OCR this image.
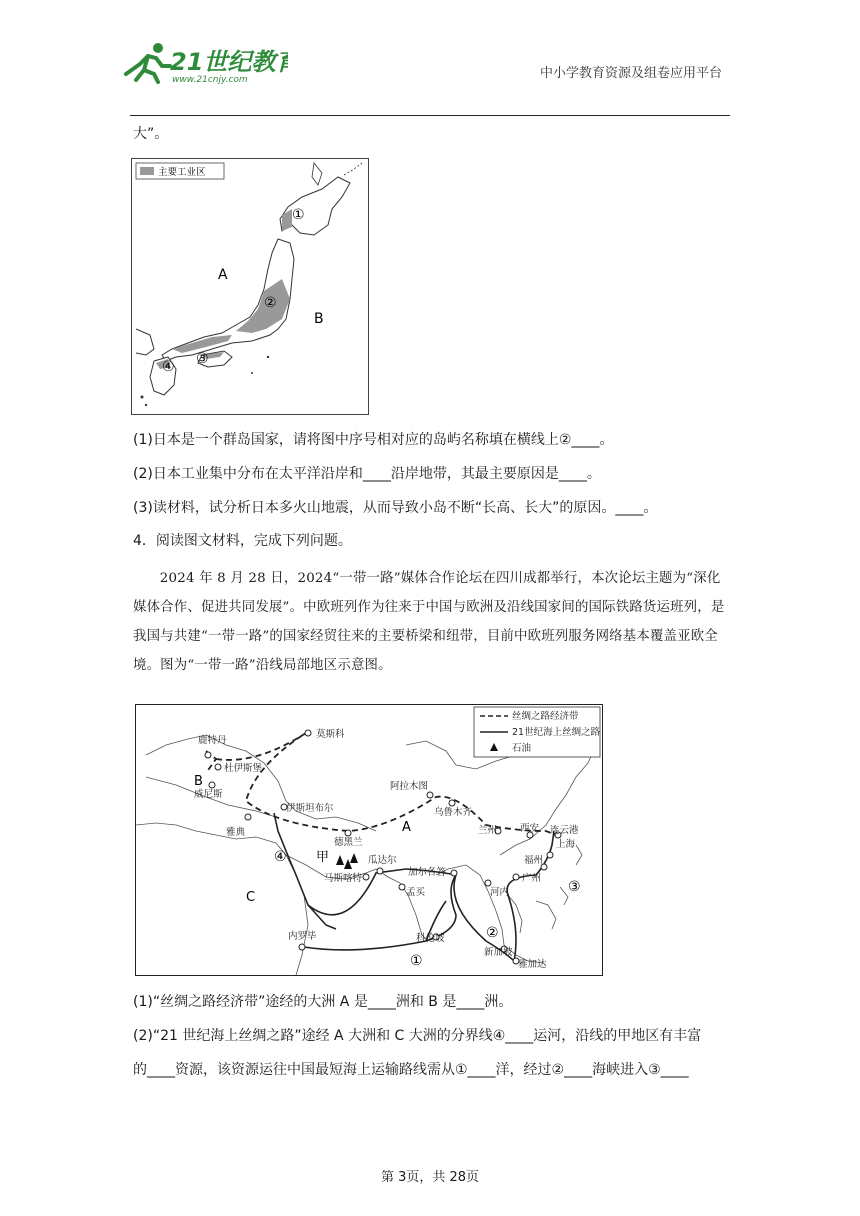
21世纪教育
www.21cnjy.com	中小学教育资源及组卷应用平台
大”。
主要工业区
①
②
③
④
A
B
(1)日本是一个群岛国家，请将图中序号相对应的岛屿名称填在横线上②____。
(2)日本工业集中分布在太平洋沿岸和____沿岸地带，其最主要原因是____。
(3)读材料，试分析日本多火山地震，从而导致小岛不断“长高、长大”的原因。____。
4．阅读图文材料，完成下列问题。
2024 年 8 月 28 日，2024“一带一路”媒体合作论坛在四川成都举行，本次论坛主题为“深化媒体合作、促进共同发展”。中欧班列作为往来于中国与欧洲及沿线国家间的国际铁路货运班列，是我国与共建“一带一路”的国家经贸往来的主要桥梁和纽带，目前中欧班列服务网络基本覆盖亚欧全境。图为“一带一路”沿线局部地区示意图。
丝绸之路经济带
21世纪海上丝绸之路
石油
莫斯科
鹿特丹
杜伊斯堡
威尼斯
伊斯坦布尔
雅典
阿拉木图
乌鲁木齐
兰州 西安 连云港
上海
福州
广州
河内
德黑兰
马斯喀特
瓜达尔
加尔各答
孟买
科伦坡
内罗毕
新加坡
雅加达
A
B
C
甲
①
②
③
④
(1)“丝绸之路经济带”途经的大洲 A 是____洲和 B 是____洲。
(2)“21 世纪海上丝绸之路”途经 A 大洲和 C 大洲的分界线④____运河，沿线的甲地区有丰富
的____资源，该资源运往中国最短海上运输路线需从①____洋，经过②____海峡进入③____
第 3页，共 28页
